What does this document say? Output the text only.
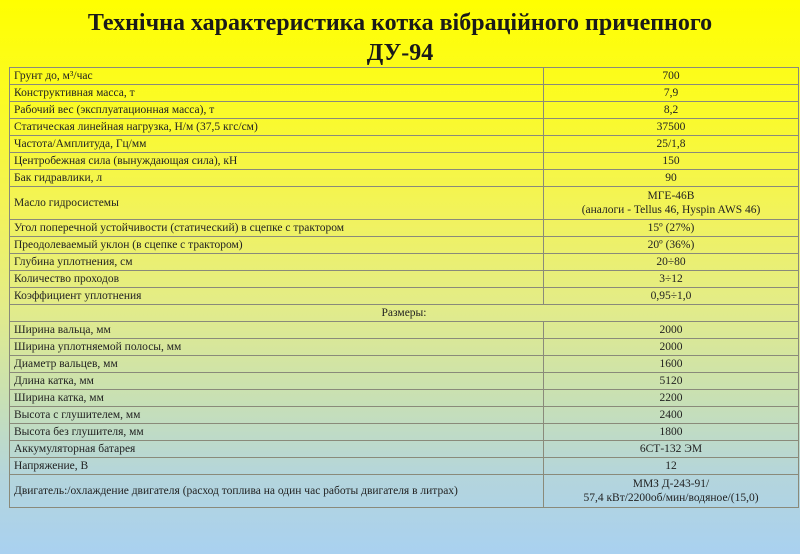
Технічна характеристика котка вібраційного причепного
ДУ-94
Грунт до, м³/час	700
Конструктивная масса, т	7,9
Рабочий вес (эксплуатационная масса), т	8,2
Статическая линейная нагрузка, Н/м (37,5 кгс/см)	37500
Частота/Амплитуда, Гц/мм	25/1,8
Центробежная сила (вынуждающая сила), кН	150
Бак гидравлики, л	90
Масло гидросистемы	МГЕ-46В
(аналоги - Tellus 46, Hyspin AWS 46)

Угол поперечной устойчивости (статический) в сцепке с трактором	15º (27%)
Преодолеваемый уклон (в сцепке с трактором)	20º (36%)
Глубина уплотнения, см	20÷80
Количество проходов	3÷12
Коэффициент уплотнения	0,95÷1,0
Размеры:	
Ширина вальца, мм	2000
Ширина уплотняемой полосы, мм	2000
Диаметр вальцев, мм	1600
Длина катка, мм	5120
Ширина катка, мм	2200
Высота с глушителем, мм	2400
Высота без глушителя, мм	1800
Аккумуляторная батарея	6СТ-132 ЭМ
Напряжение, В	12
Двигатель:/охлаждение двигателя (расход топлива на один час работы двигателя в литрах)	ММЗ Д-243-91/
57,4 кВт/2200об/мин/водяное/(15,0)
